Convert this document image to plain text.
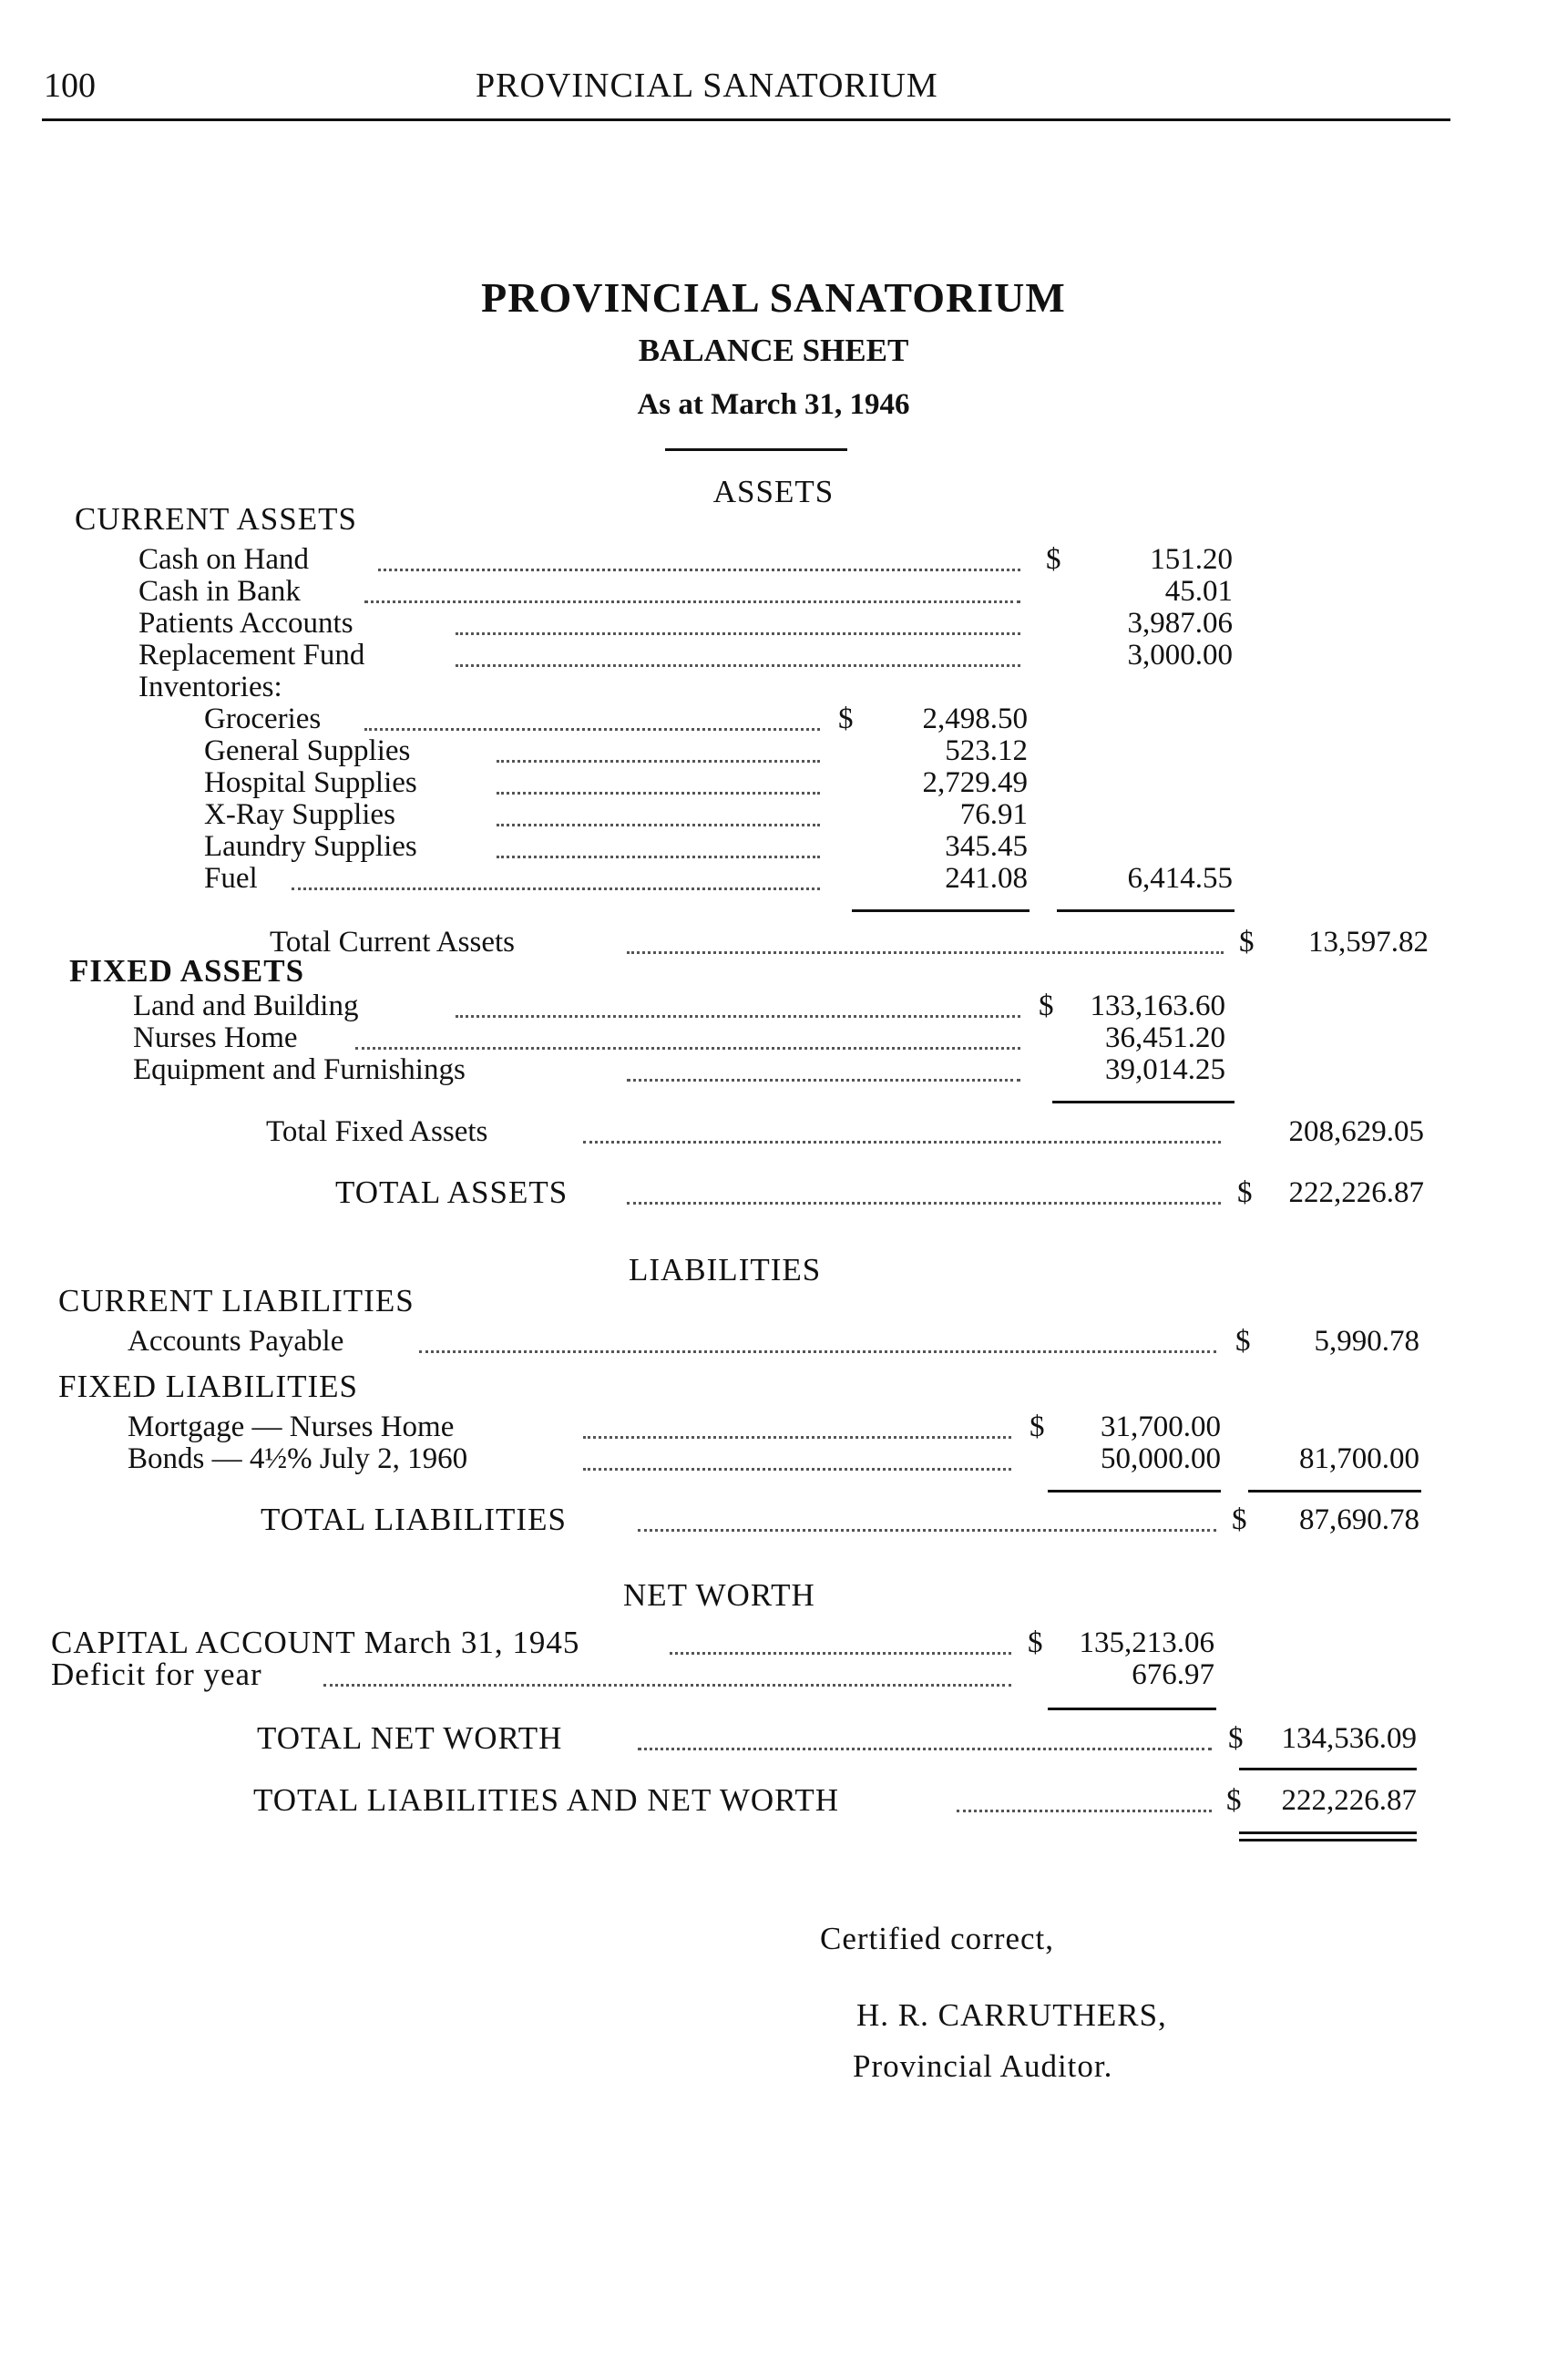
100	PROVINCIAL SANATORIUM
PROVINCIAL SANATORIUM
BALANCE SHEET
As at March 31, 1946
ASSETS
CURRENT ASSETS
Cash on Hand	$	151.20
Cash in Bank	45.01
Patients Accounts	3,987.06
Replacement Fund	3,000.00
Inventories:
Groceries	$ 2,498.50
General Supplies	523.12
Hospital Supplies	2,729.49
X-Ray Supplies	76.91
Laundry Supplies	345.45
Fuel	241.08	6,414.55
Total Current Assets	$ 13,597.82
FIXED ASSETS
Land and Building	$ 133,163.60
Nurses Home	36,451.20
Equipment and Furnishings	39,014.25
Total Fixed Assets	208,629.05
TOTAL ASSETS	$ 222,226.87
LIABILITIES
CURRENT LIABILITIES
Accounts Payable	$ 5,990.78
FIXED LIABILITIES
Mortgage — Nurses Home	$ 31,700.00
Bonds — 4½% July 2, 1960	50,000.00	81,700.00
TOTAL LIABILITIES	$ 87,690.78
NET WORTH
CAPITAL ACCOUNT March 31, 1945	$ 135,213.06
Deficit for year	676.97
TOTAL NET WORTH	$ 134,536.09
TOTAL LIABILITIES AND NET WORTH	$ 222,226.87
Certified correct,
H. R. CARRUTHERS,
Provincial Auditor.
